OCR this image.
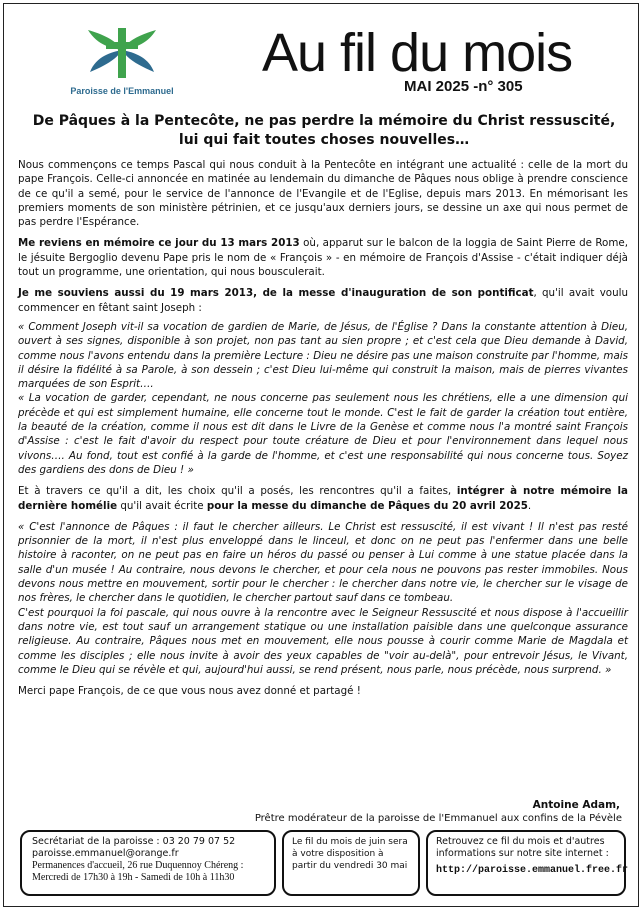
Paroisse de l'Emmanuel
Au fil du mois
MAI 2025 -n° 305
De Pâques à la Pentecôte, ne pas perdre la mémoire du Christ ressuscité, lui qui fait toutes choses nouvelles…

Nous commençons ce temps Pascal qui nous conduit à la Pentecôte en intégrant une actualité : celle de la mort du pape François. Celle-ci annoncée en matinée au lendemain du dimanche de Pâques nous oblige à prendre conscience de ce qu'il a semé, pour le service de l'annonce de l'Evangile et de l'Eglise, depuis mars 2013. En mémorisant les premiers moments de son ministère pétrinien, et ce jusqu'aux derniers jours, se dessine un axe qui nous permet de pas perdre l'Espérance.

Me reviens en mémoire ce jour du 13 mars 2013 où, apparut sur le balcon de la loggia de Saint Pierre de Rome, le jésuite Bergoglio devenu Pape pris le nom de « François » - en mémoire de François d'Assise - c'était indiquer déjà tout un programme, une orientation, qui nous bousculerait.

Je me souviens aussi du 19 mars 2013, de la messe d'inauguration de son pontificat, qu'il avait voulu commencer en fêtant saint Joseph :

« Comment Joseph vit-il sa vocation de gardien de Marie, de Jésus, de l'Église ? Dans la constante attention à Dieu, ouvert à ses signes, disponible à son projet, non pas tant au sien propre ; et c'est cela que Dieu demande à David, comme nous l'avons entendu dans la première Lecture : Dieu ne désire pas une maison construite par l'homme, mais il désire la fidélité à sa Parole, à son dessein ; c'est Dieu lui-même qui construit la maison, mais de pierres vivantes marquées de son Esprit….

« La vocation de garder, cependant, ne nous concerne pas seulement nous les chrétiens, elle a une dimension qui précède et qui est simplement humaine, elle concerne tout le monde. C'est le fait de garder la création tout entière, la beauté de la création, comme il nous est dit dans le Livre de la Genèse et comme nous l'a montré saint François d'Assise : c'est le fait d'avoir du respect pour toute créature de Dieu et pour l'environnement dans lequel nous vivons…. Au fond, tout est confié à la garde de l'homme, et c'est une responsabilité qui nous concerne tous. Soyez des gardiens des dons de Dieu ! »

Et à travers ce qu'il a dit, les choix qu'il a posés, les rencontres qu'il a faites, intégrer à notre mémoire la dernière homélie qu'il avait écrite pour la messe du dimanche de Pâques du 20 avril 2025.

« C'est l'annonce de Pâques : il faut le chercher ailleurs. Le Christ est ressuscité, il est vivant ! Il n'est pas resté prisonnier de la mort, il n'est plus enveloppé dans le linceul, et donc on ne peut pas l'enfermer dans une belle histoire à raconter, on ne peut pas en faire un héros du passé ou penser à Lui comme à une statue placée dans la salle d'un musée ! Au contraire, nous devons le chercher, et pour cela nous ne pouvons pas rester immobiles. Nous devons nous mettre en mouvement, sortir pour le chercher : le chercher dans notre vie, le chercher sur le visage de nos frères, le chercher dans le quotidien, le chercher partout sauf dans ce tombeau.

C'est pourquoi la foi pascale, qui nous ouvre à la rencontre avec le Seigneur Ressuscité et nous dispose à l'accueillir dans notre vie, est tout sauf un arrangement statique ou une installation paisible dans une quelconque assurance religieuse. Au contraire, Pâques nous met en mouvement, elle nous pousse à courir comme Marie de Magdala et comme les disciples ; elle nous invite à avoir des yeux capables de "voir au-delà", pour entrevoir Jésus, le Vivant, comme le Dieu qui se révèle et qui, aujourd'hui aussi, se rend présent, nous parle, nous précède, nous surprend. »

Merci pape François, de ce que vous nous avez donné et partagé !

Antoine Adam,
Prêtre modérateur de la paroisse de l'Emmanuel aux confins de la Pévèle
Secrétariat de la paroisse : 03 20 79 07 52
paroisse.emmanuel@orange.fr
Permanences d'accueil, 26 rue Duquennoy Chéreng :
Mercredi de 17h30 à 19h - Samedi de 10h à 11h30
Le fil du mois de juin sera à votre disposition à partir du vendredi 30 mai
Retrouvez ce fil du mois et d'autres informations sur notre site internet :
http://paroisse.emmanuel.free.fr
